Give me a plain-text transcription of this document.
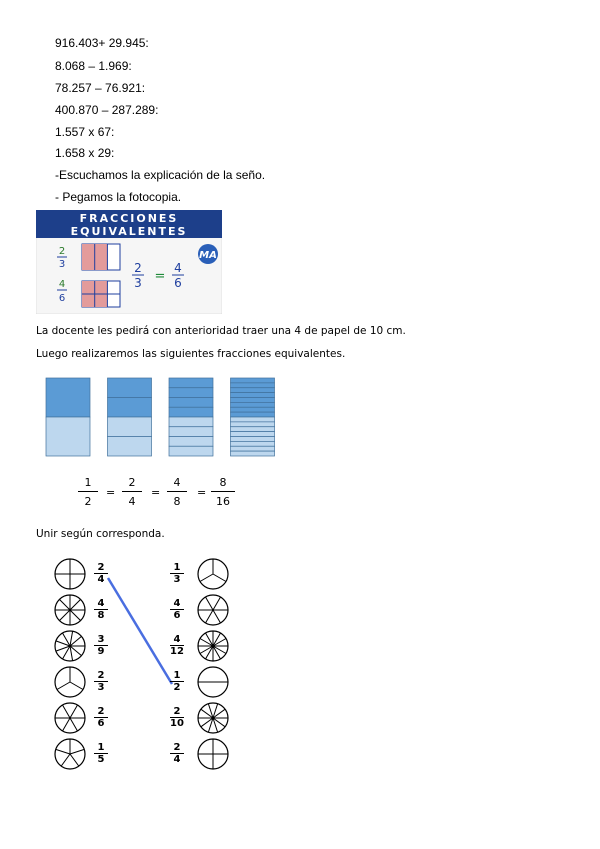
916.403+ 29.945:
8.068 – 1.969:
78.257 – 76.921:
400.870 – 287.289:
1.557 x 67:
1.658 x 29:
-Escuchamos la explicación de la seño.
- Pegamos la fotocopia.
FRACCIONES
EQUIVALENTES
2
3
4
6
2
3 =
4
6
MA
La docente les pedirá con anterioridad traer una 4 de papel de 10 cm.
Luego realizaremos las siguientes fracciones equivalentes.
$\frac{1}{2} = \frac{2}{4} = \frac{4}{8} = \frac{8}{16}$
Unir según corresponda.
$\frac{2}{4}$
$\frac{4}{8}$
$\frac{3}{9}$
$\frac{2}{3}$
$\frac{2}{6}$
$\frac{1}{5}$
$\frac{1}{3}$
$\frac{4}{6}$
$\frac{4}{12}$
$\frac{1}{2}$
$\frac{2}{10}$
$\frac{2}{4}$
